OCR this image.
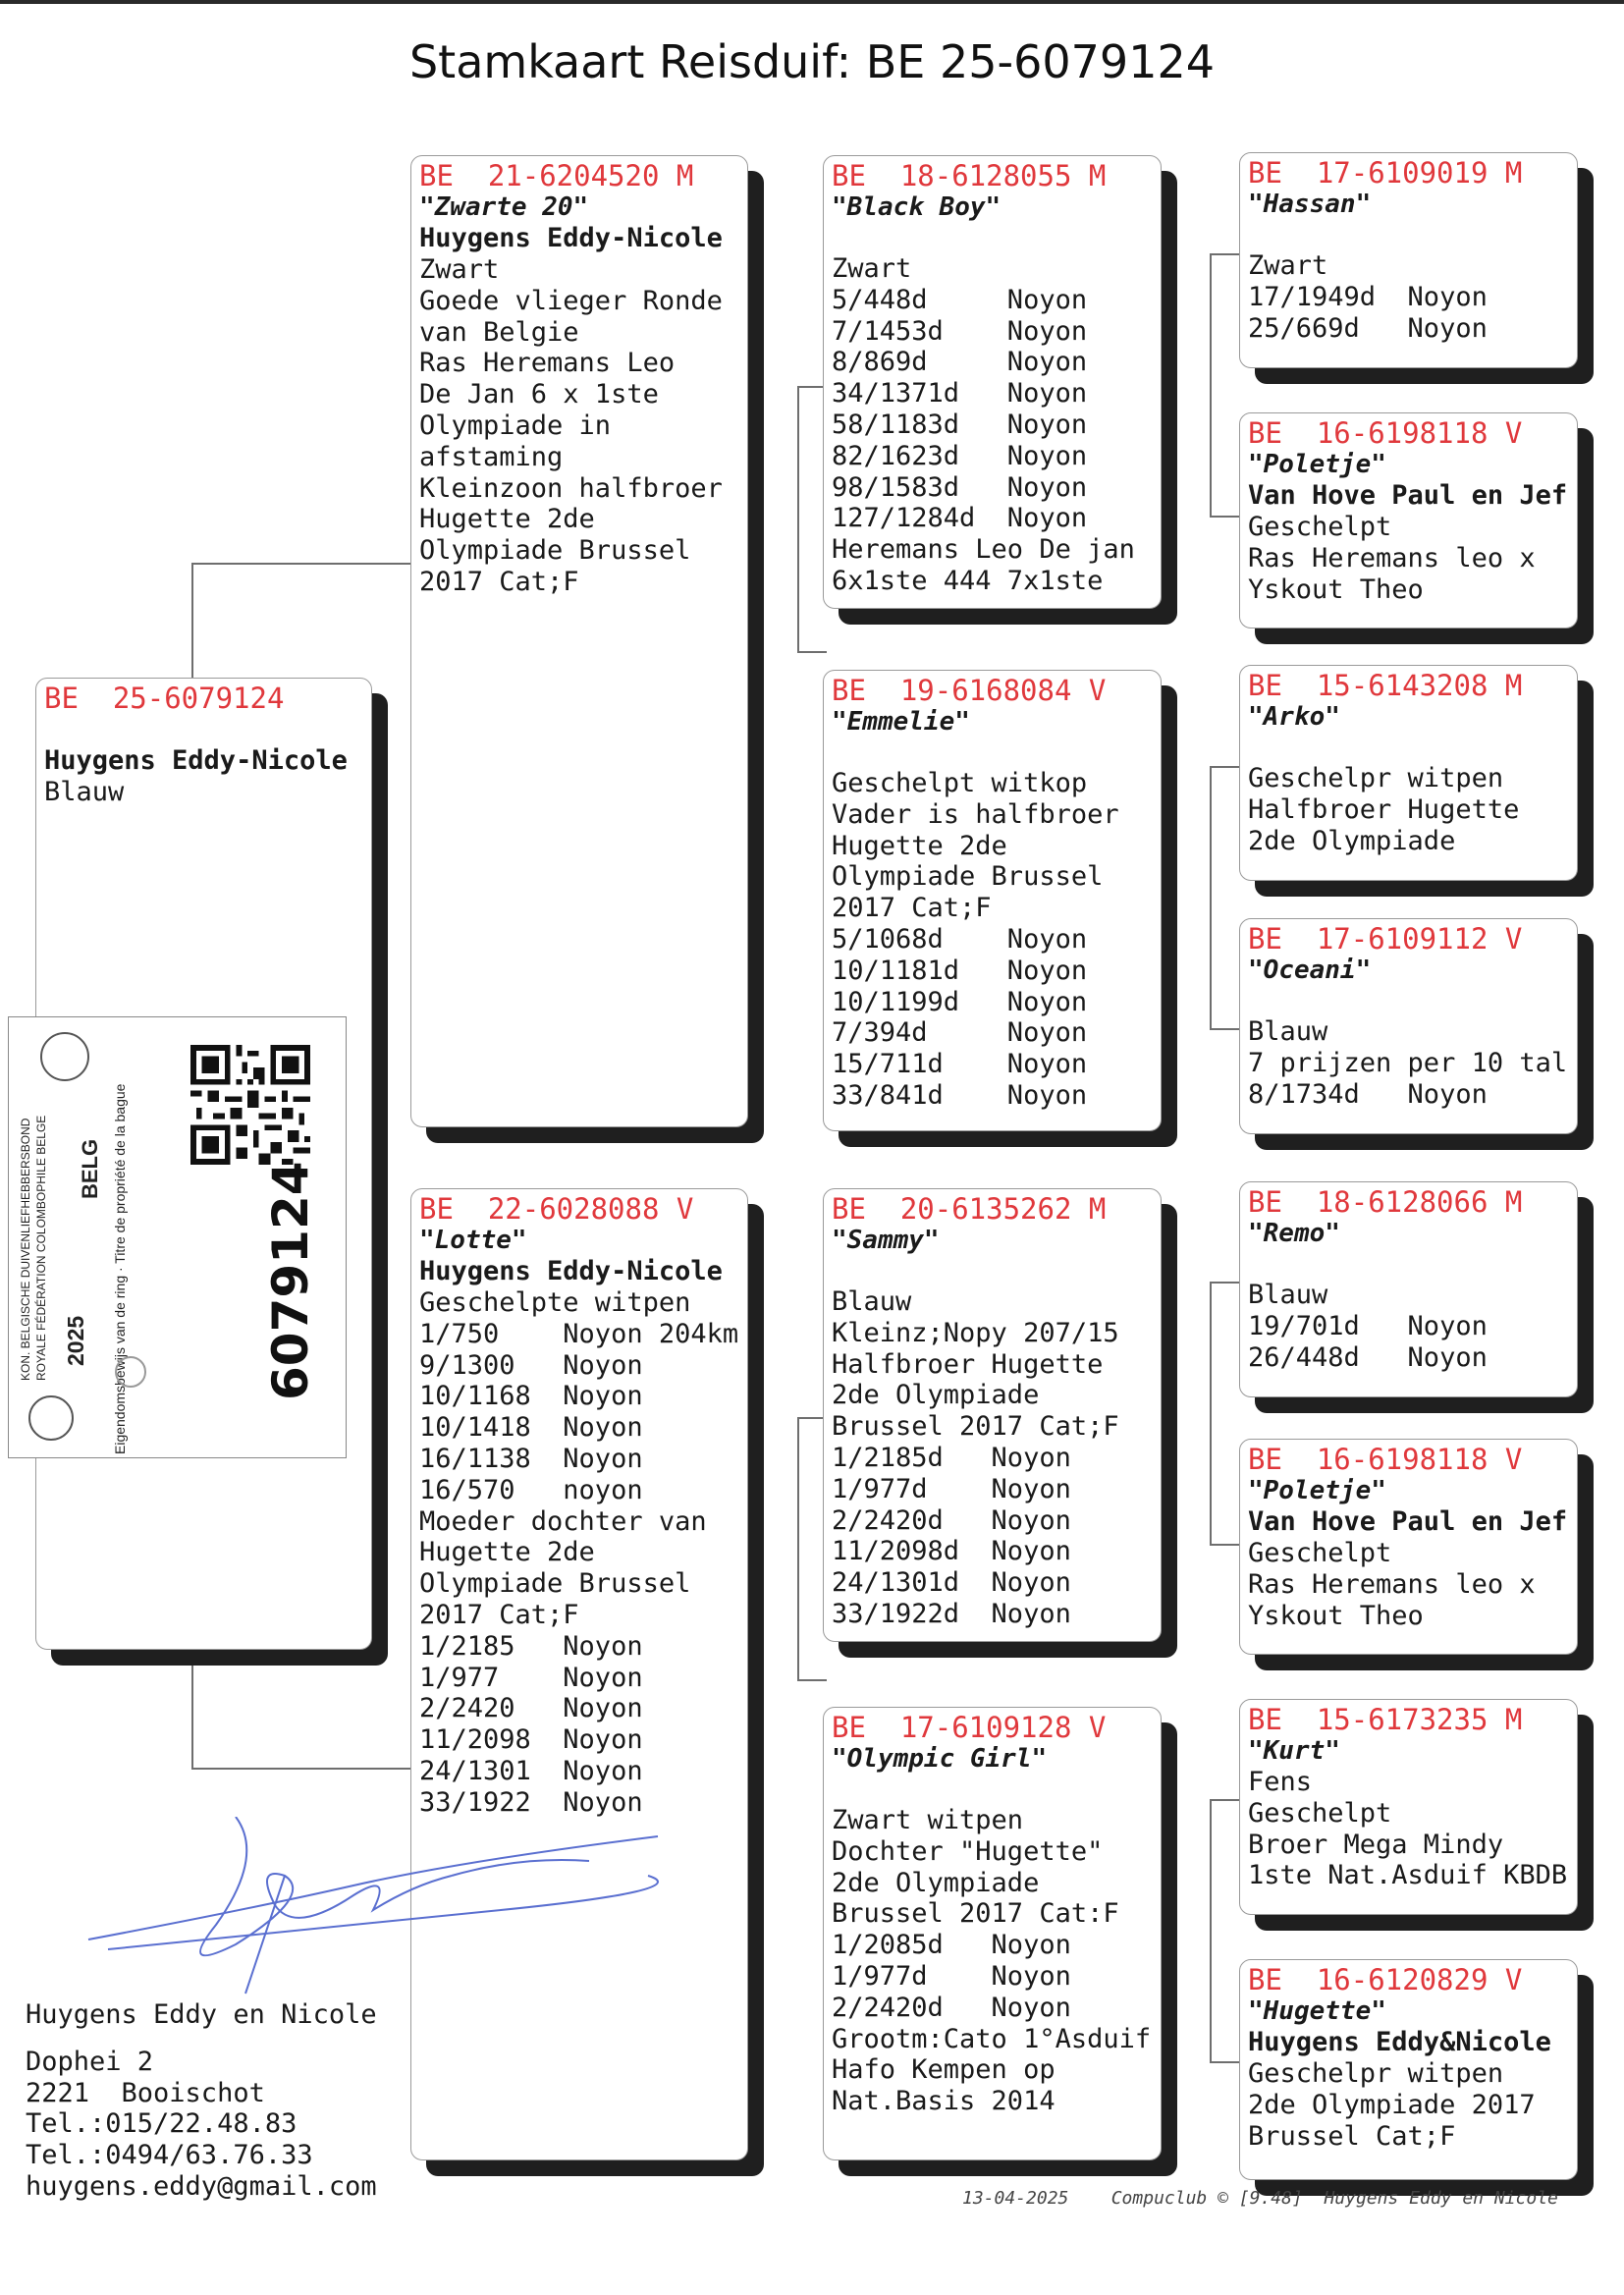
Stamkaart Reisduif: BE 25-6079124
BE  25-6079124
Huygens Eddy-Nicole
Blauw
BE  21-6204520 M
"Zwarte 20"
Huygens Eddy-Nicole
Zwart
Goede vlieger Ronde
van Belgie
Ras Heremans Leo
De Jan 6 x 1ste
Olympiade in
afstaming
Kleinzoon halfbroer
Hugette 2de
Olympiade Brussel
2017 Cat;F
BE  22-6028088 V
"Lotte"
Huygens Eddy-Nicole
Geschelpte witpen
1/750    Noyon 204km
9/1300   Noyon
10/1168  Noyon
10/1418  Noyon
16/1138  Noyon
16/570   noyon
Moeder dochter van
Hugette 2de
Olympiade Brussel
2017 Cat;F
1/2185   Noyon
1/977    Noyon
2/2420   Noyon
11/2098  Noyon
24/1301  Noyon
33/1922  Noyon
BE  18-6128055 M
"Black Boy"
Zwart
5/448d     Noyon
7/1453d    Noyon
8/869d     Noyon
34/1371d   Noyon
58/1183d   Noyon
82/1623d   Noyon
98/1583d   Noyon
127/1284d  Noyon
Heremans Leo De jan
6x1ste 444 7x1ste
BE  19-6168084 V
"Emmelie"
Geschelpt witkop
Vader is halfbroer
Hugette 2de
Olympiade Brussel
2017 Cat;F
5/1068d    Noyon
10/1181d   Noyon
10/1199d   Noyon
7/394d     Noyon
15/711d    Noyon
33/841d    Noyon
BE  20-6135262 M
"Sammy"
Blauw
Kleinz;Nopy 207/15
Halfbroer Hugette
2de Olympiade
Brussel 2017 Cat;F
1/2185d   Noyon
1/977d    Noyon
2/2420d   Noyon
11/2098d  Noyon
24/1301d  Noyon
33/1922d  Noyon
BE  17-6109128 V
"Olympic Girl"
Zwart witpen
Dochter "Hugette"
2de Olympiade
Brussel 2017 Cat:F
1/2085d   Noyon
1/977d    Noyon
2/2420d   Noyon
Grootm:Cato 1°Asduif
Hafo Kempen op
Nat.Basis 2014
BE  17-6109019 M
"Hassan"
Zwart
17/1949d  Noyon
25/669d   Noyon
BE  16-6198118 V
"Poletje"
Van Hove Paul en Jef
Geschelpt
Ras Heremans leo x
Yskout Theo
BE  15-6143208 M
"Arko"
Geschelpr witpen
Halfbroer Hugette
2de Olympiade
BE  17-6109112 V
"Oceani"
Blauw
7 prijzen per 10 tal
8/1734d   Noyon
BE  18-6128066 M
"Remo"
Blauw
19/701d   Noyon
26/448d   Noyon
BE  16-6198118 V
"Poletje"
Van Hove Paul en Jef
Geschelpt
Ras Heremans leo x
Yskout Theo
BE  15-6173235 M
"Kurt"
Fens
Geschelpt
Broer Mega Mindy
1ste Nat.Asduif KBDB
BE  16-6120829 V
"Hugette"
Huygens Eddy&Nicole
Geschelpr witpen
2de Olympiade 2017
Brussel Cat;F
6079124
2025
BELG
KON. BELGISCHE DUIVENLIEFHEBBERSBOND ROYALE FÉDÉRATION COLOMBOPHILE BELGE	Eigendomsbewijs van de ring · Titre de propriété de la bague
Huygens Eddy en Nicole
Dophei 2
2221  Booischot
Tel.:015/22.48.83
Tel.:0494/63.76.33
huygens.eddy@gmail.com	13-04-2025    Compuclub © [9.48]  Huygens Eddy en Nicole
